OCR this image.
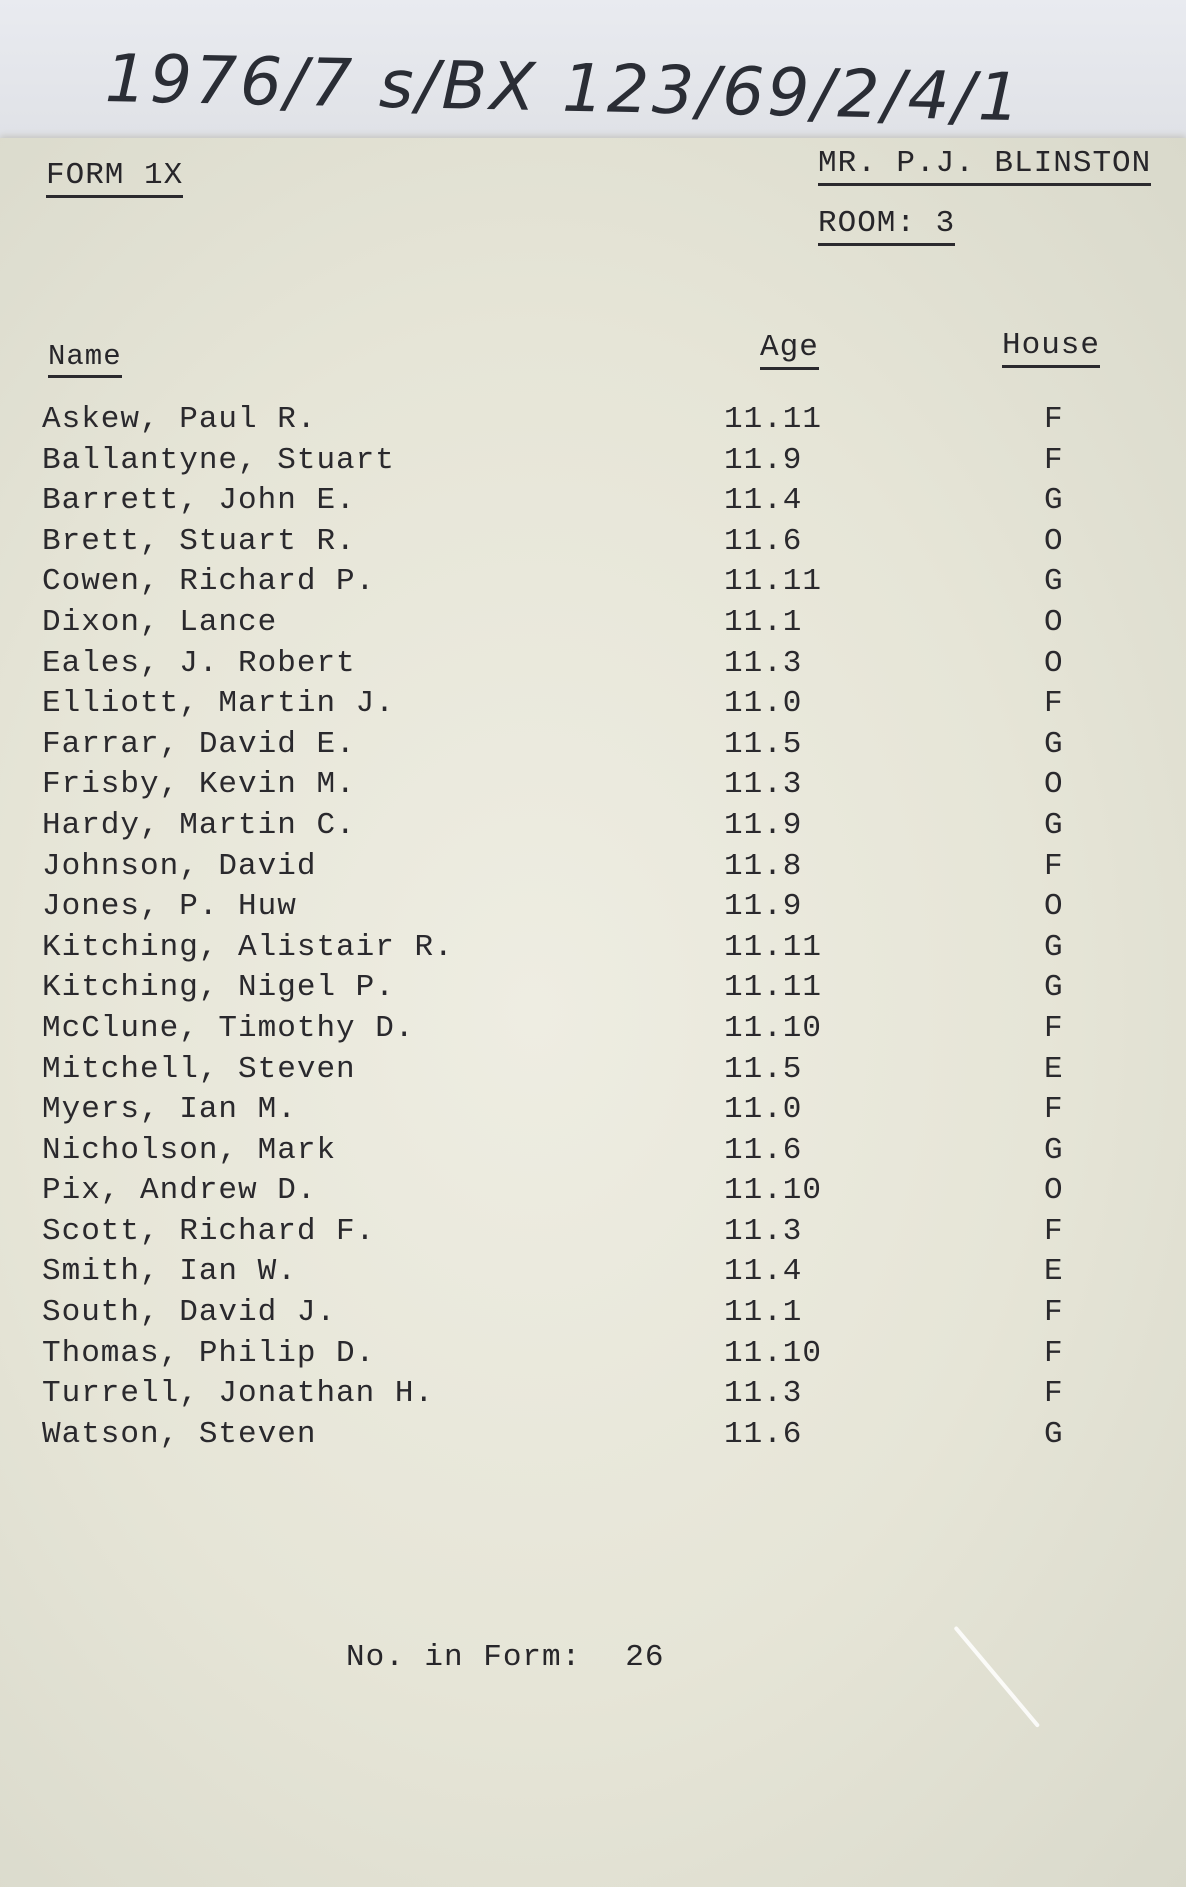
1976/7 s/BX 123/69/2/4/1
FORM 1X	MR. P.J. BLINSTON
ROOM: 3
Name	Age	House
Askew, Paul R.	11.11	F
Ballantyne, Stuart	11.9	F
Barrett, John E.	11.4	G
Brett, Stuart R.	11.6	O
Cowen, Richard P.	11.11	G
Dixon, Lance	11.1	O
Eales, J. Robert	11.3	O
Elliott, Martin J.	11.0	F
Farrar, David E.	11.5	G
Frisby, Kevin M.	11.3	O
Hardy, Martin C.	11.9	G
Johnson, David	11.8	F
Jones, P. Huw	11.9	O
Kitching, Alistair R.	11.11	G
Kitching, Nigel P.	11.11	G
McClune, Timothy D.	11.10	F
Mitchell, Steven	11.5	E
Myers, Ian M.	11.0	F
Nicholson, Mark	11.6	G
Pix, Andrew D.	11.10	O
Scott, Richard F.	11.3	F
Smith, Ian W.	11.4	E
South, David J.	11.1	F
Thomas, Philip D.	11.10	F
Turrell, Jonathan H.	11.3	F
Watson, Steven	11.6	G
No. in Form: 26
